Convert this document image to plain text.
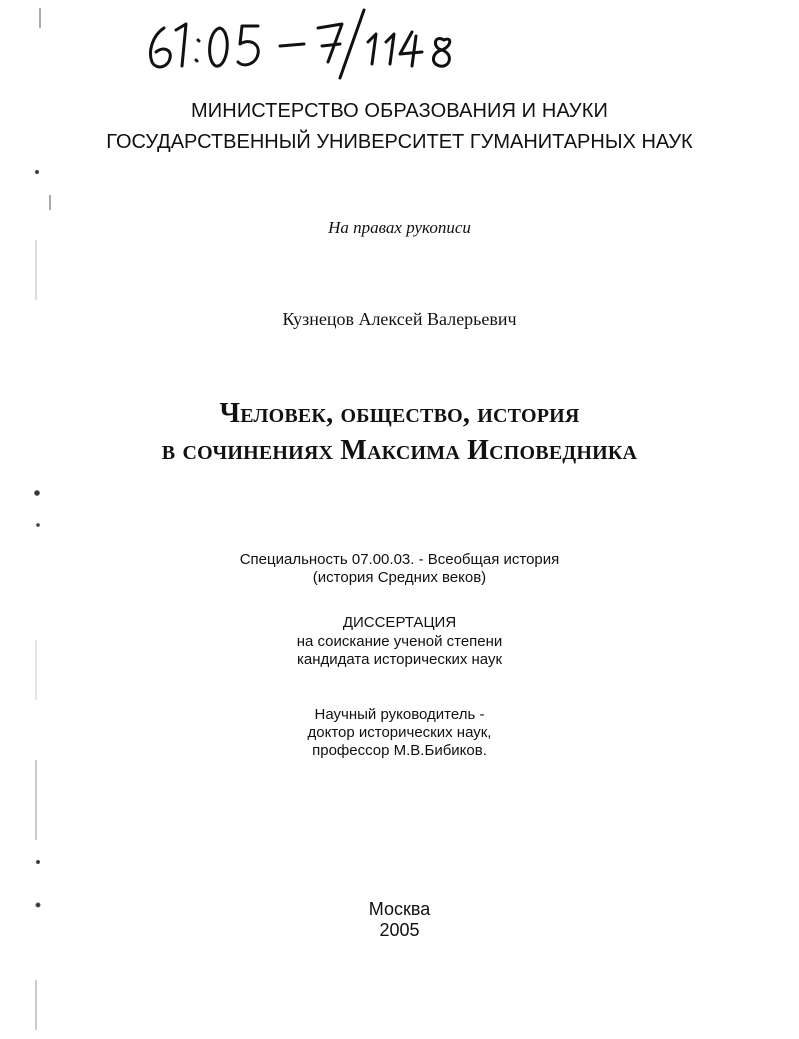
МИНИСТЕРСТВО ОБРАЗОВАНИЯ И НАУКИ
ГОСУДАРСТВЕННЫЙ УНИВЕРСИТЕТ ГУМАНИТАРНЫХ НАУК
На правах рукописи
Кузнецов Алексей Валерьевич
Человек, общество, история
в сочинениях Максима Исповедника
Специальность 07.00.03. - Всеобщая история
(история Средних веков)
ДИССЕРТАЦИЯ
на соискание ученой степени
кандидата исторических наук
Научный руководитель -
доктор исторических наук,
профессор М.В.Бибиков.
Москва
2005
